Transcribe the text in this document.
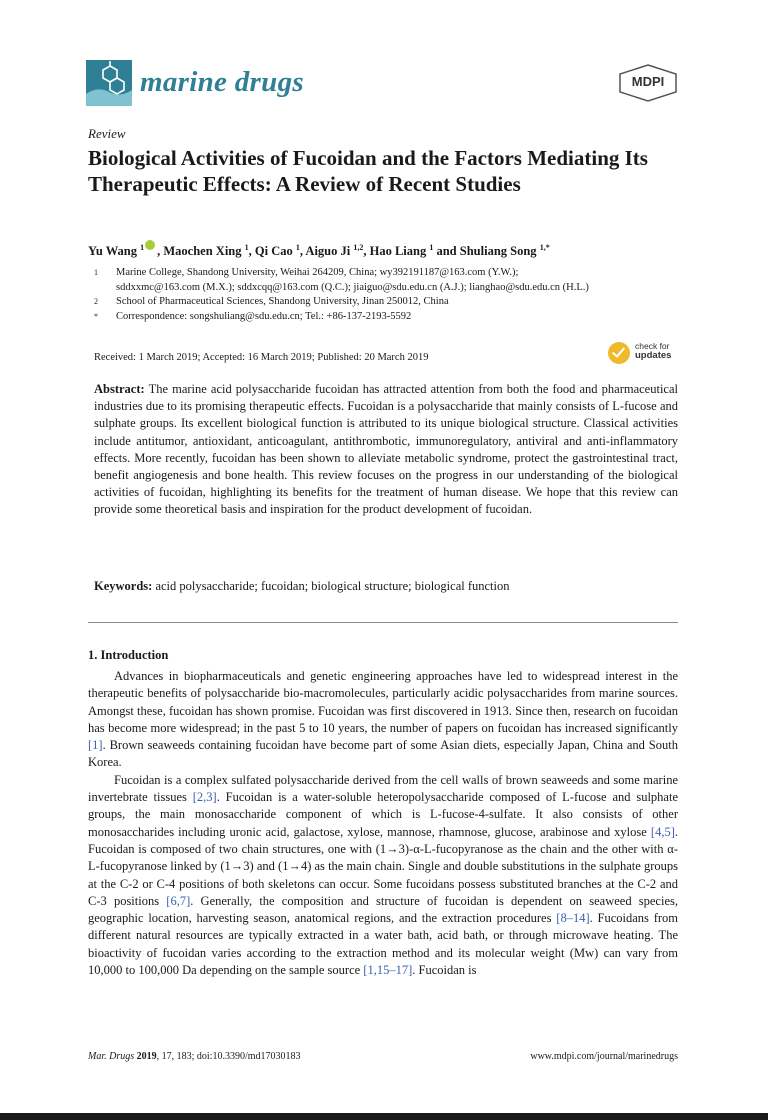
marine drugs	MDPI
Review
Biological Activities of Fucoidan and the Factors Mediating Its Therapeutic Effects: A Review of Recent Studies
Yu Wang $^1$ , Maochen Xing $^1$, Qi Cao $^1$, Aiguo Ji $^{1,2}$, Hao Liang $^1$ and Shuliang Song $^{1,*}$
1 Marine College, Shandong University, Weihai 264209, China; wy392191187@163.com (Y.W.);
sddxxmc@163.com (M.X.); sddxcqq@163.com (Q.C.); jiaiguo@sdu.edu.cn (A.J.); lianghao@sdu.edu.cn (H.L.)
2 School of Pharmaceutical Sciences, Shandong University, Jinan 250012, China
* Correspondence: songshuliang@sdu.edu.cn; Tel.: +86-137-2193-5592
Received: 1 March 2019; Accepted: 16 March 2019; Published: 20 March 2019
check for
updates

Abstract: The marine acid polysaccharide fucoidan has attracted attention from both the food and pharmaceutical industries due to its promising therapeutic effects. Fucoidan is a polysaccharide that mainly consists of L-fucose and sulphate groups. Its excellent biological function is attributed to its unique biological structure. Classical activities include antitumor, antioxidant, anticoagulant, antithrombotic, immunoregulatory, antiviral and anti-inflammatory effects. More recently, fucoidan has been shown to alleviate metabolic syndrome, protect the gastrointestinal tract, benefit angiogenesis and bone health. This review focuses on the progress in our understanding of the biological activities of fucoidan, highlighting its benefits for the treatment of human disease. We hope that this review can provide some theoretical basis and inspiration for the product development of fucoidan.

Keywords: acid polysaccharide; fucoidan; biological structure; biological function
1. Introduction

Advances in biopharmaceuticals and genetic engineering approaches have led to widespread interest in the therapeutic benefits of polysaccharide bio-macromolecules, particularly acidic polysaccharides from marine sources. Amongst these, fucoidan has shown promise. Fucoidan was first discovered in 1913. Since then, research on fucoidan has become more widespread; in the past 5 to 10 years, the number of papers on fucoidan has increased significantly [1]. Brown seaweeds containing fucoidan have become part of some Asian diets, especially Japan, China and South Korea.

Fucoidan is a complex sulfated polysaccharide derived from the cell walls of brown seaweeds and some marine invertebrate tissues [2,3]. Fucoidan is a water-soluble heteropolysaccharide composed of L-fucose and sulphate groups, the main monosaccharide component of which is L-fucose-4-sulfate. It also consists of other monosaccharides including uronic acid, galactose, xylose, mannose, rhamnose, glucose, arabinose and xylose [4,5]. Fucoidan is composed of two chain structures, one with (1→3)-α-L-fucopyranose as the chain and the other with α-L-fucopyranose linked by (1→3) and (1→4) as the main chain. Single and double substitutions in the sulphate groups at the C-2 or C-4 positions of both skeletons can occur. Some fucoidans possess substituted branches at the C-2 and C-3 positions [6,7]. Generally, the composition and structure of fucoidan is dependent on seaweed species, geographic location, harvesting season, anatomical regions, and the extraction procedures [8–14]. Fucoidans from different natural resources are typically extracted in a water bath, acid bath, or through microwave heating. The bioactivity of fucoidan varies according to the extraction method and its molecular weight (Mw) can vary from 10,000 to 100,000 Da depending on the sample source [1,15–17]. Fucoidan is

Mar. Drugs 2019, 17, 183; doi:10.3390/md17030183	www.mdpi.com/journal/marinedrugs
